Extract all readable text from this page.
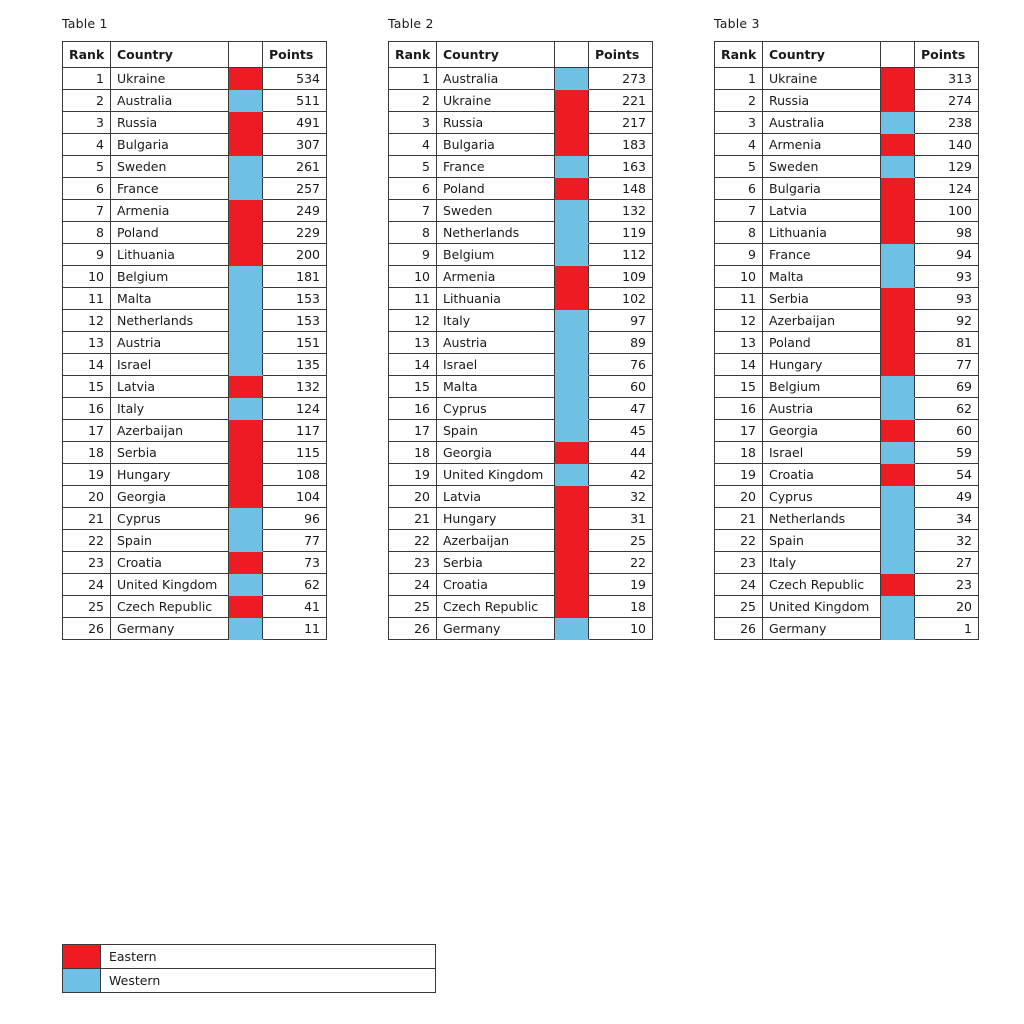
Table 1
Rank	Country		Points
1	Ukraine		534
2	Australia		511
3	Russia		491
4	Bulgaria		307
5	Sweden		261
6	France		257
7	Armenia		249
8	Poland		229
9	Lithuania		200
10	Belgium		181
11	Malta		153
12	Netherlands		153
13	Austria		151
14	Israel		135
15	Latvia		132
16	Italy		124
17	Azerbaijan		117
18	Serbia		115
19	Hungary		108
20	Georgia		104
21	Cyprus		96
22	Spain		77
23	Croatia		73
24	United Kingdom		62
25	Czech Republic		41
26	Germany		11
Table 2
Rank	Country		Points
1	Australia		273
2	Ukraine		221
3	Russia		217
4	Bulgaria		183
5	France		163
6	Poland		148
7	Sweden		132
8	Netherlands		119
9	Belgium		112
10	Armenia		109
11	Lithuania		102
12	Italy		97
13	Austria		89
14	Israel		76
15	Malta		60
16	Cyprus		47
17	Spain		45
18	Georgia		44
19	United Kingdom		42
20	Latvia		32
21	Hungary		31
22	Azerbaijan		25
23	Serbia		22
24	Croatia		19
25	Czech Republic		18
26	Germany		10
Table 3
Rank	Country		Points
1	Ukraine		313
2	Russia		274
3	Australia		238
4	Armenia		140
5	Sweden		129
6	Bulgaria		124
7	Latvia		100
8	Lithuania		98
9	France		94
10	Malta		93
11	Serbia		93
12	Azerbaijan		92
13	Poland		81
14	Hungary		77
15	Belgium		69
16	Austria		62
17	Georgia		60
18	Israel		59
19	Croatia		54
20	Cyprus		49
21	Netherlands		34
22	Spain		32
23	Italy		27
24	Czech Republic		23
25	United Kingdom		20
26	Germany		1
	Eastern
	Western
